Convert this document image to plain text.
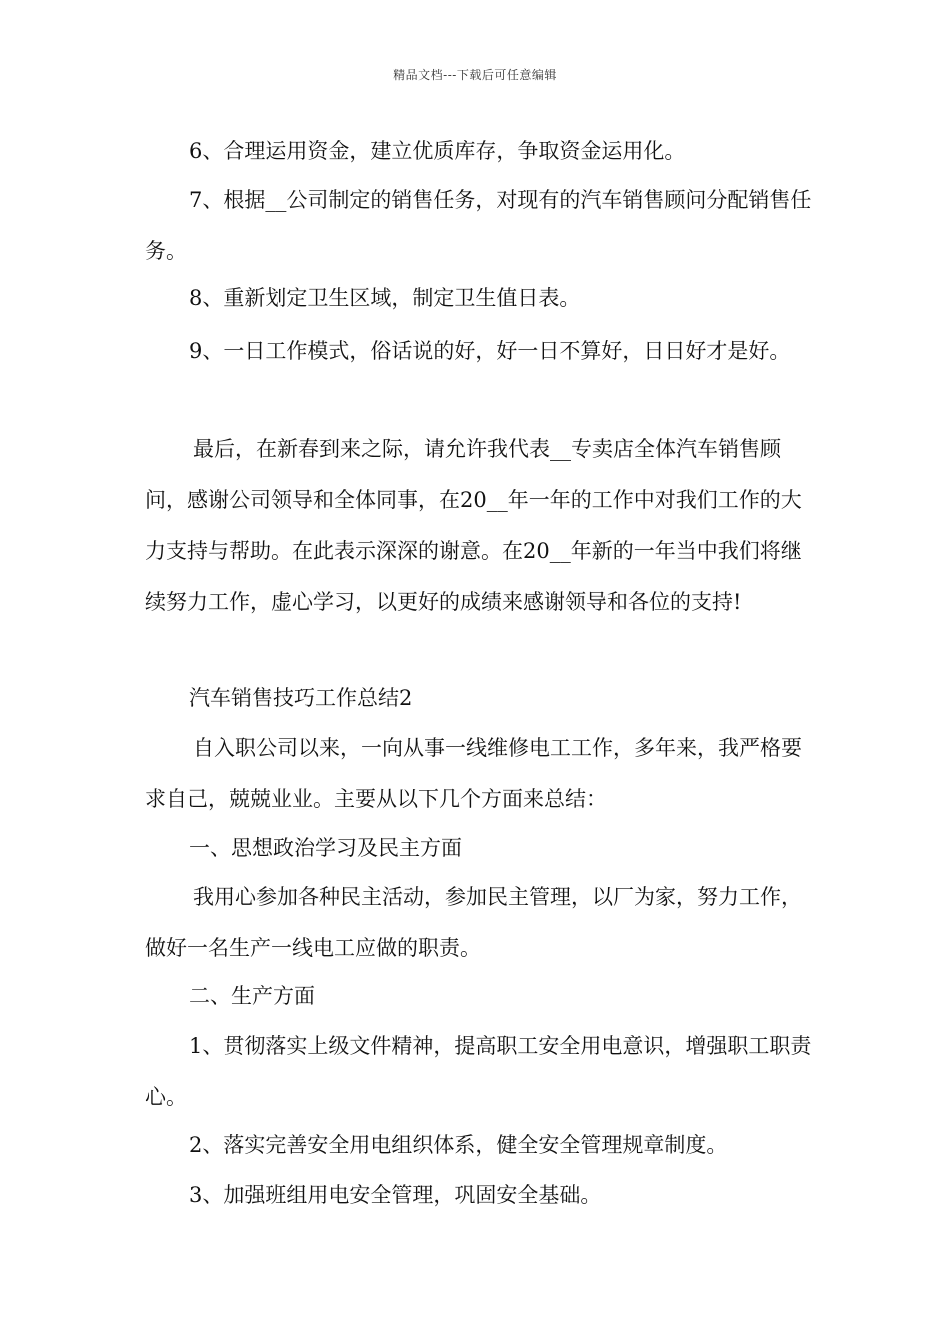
精品文档---下载后可任意编辑

6、合理运用资金，建立优质库存，争取资金运用化。

7、根据__公司制定的销售任务，对现有的汽车销售顾问分配销售任务。

8、重新划定卫生区域，制定卫生值日表。

9、一日工作模式，俗话说的好，好一日不算好，日日好才是好。

最后，在新春到来之际，请允许我代表__专卖店全体汽车销售顾问，感谢公司领导和全体同事，在20__年一年的工作中对我们工作的大力支持与帮助。在此表示深深的谢意。在20__年新的一年当中我们将继续努力工作，虚心学习，以更好的成绩来感谢领导和各位的支持!

汽车销售技巧工作总结2

自入职公司以来，一向从事一线维修电工工作，多年来，我严格要求自己，兢兢业业。主要从以下几个方面来总结：

一、思想政治学习及民主方面

我用心参加各种民主活动，参加民主管理，以厂为家，努力工作，做好一名生产一线电工应做的职责。

二、生产方面

1、贯彻落实上级文件精神，提高职工安全用电意识，增强职工职责心。

2、落实完善安全用电组织体系，健全安全管理规章制度。

3、加强班组用电安全管理，巩固安全基础。
